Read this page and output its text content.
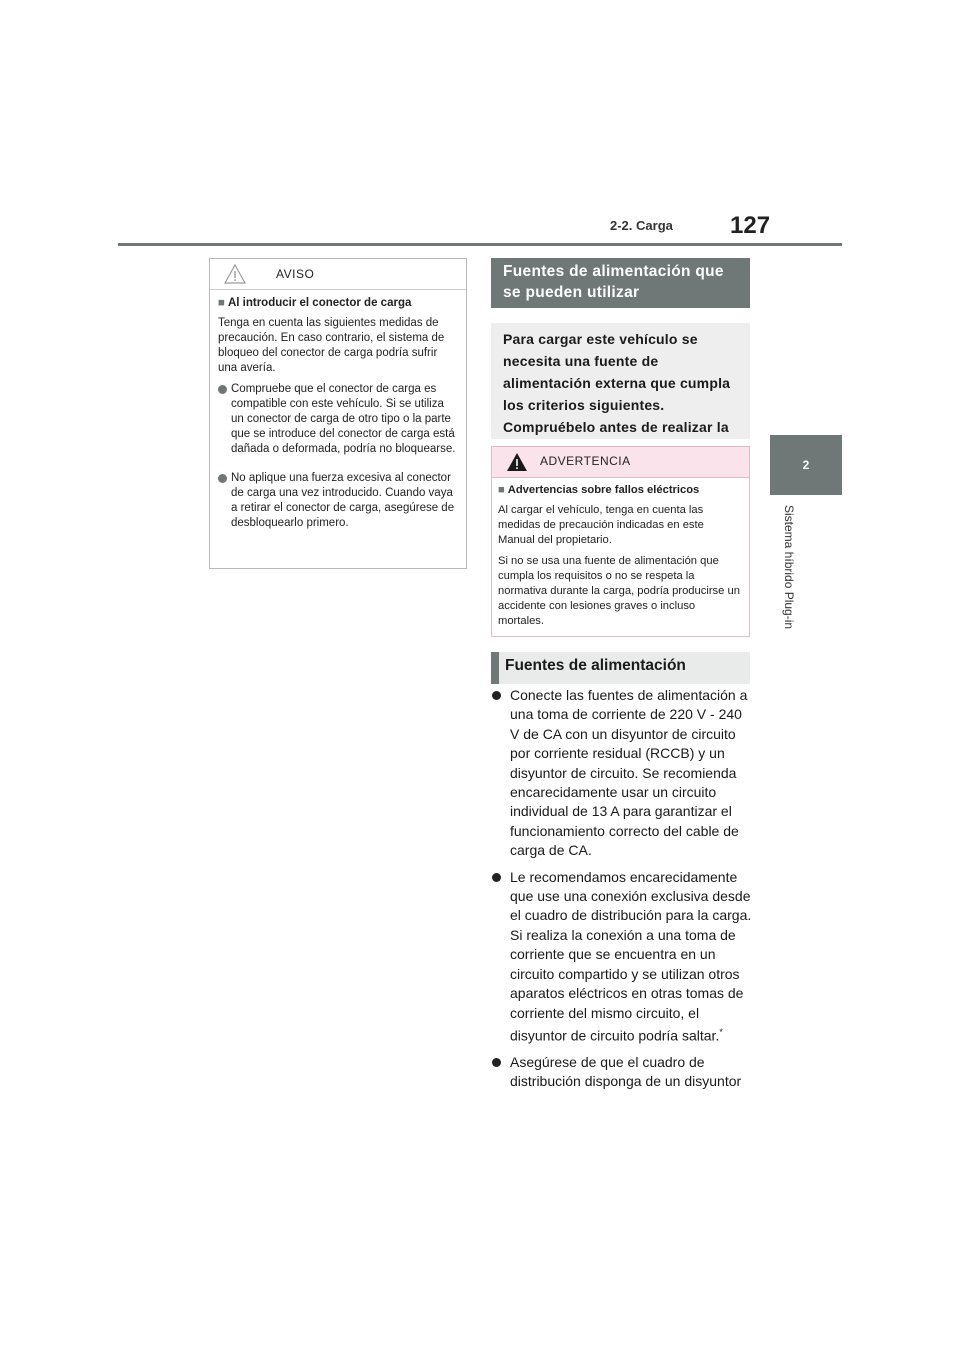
2-2. Carga 127
2
Sistema híbrido Plug-in
AVISO
■ Al introducir el conector de carga

Tenga en cuenta las siguientes medidas de precaución. En caso contrario, el sistema de bloqueo del conector de carga podría sufrir una avería.

Compruebe que el conector de carga es compatible con este vehículo. Si se utiliza un conector de carga de otro tipo o la parte que se introduce del conector de carga está dañada o deformada, podría no bloquearse.
No aplique una fuerza excesiva al conector de carga una vez introducido. Cuando vaya a retirar el conector de carga, asegúrese de desbloquearlo primero.
Fuentes de alimentación que se pueden utilizar
Para cargar este vehículo se necesita una fuente de alimentación externa que cumpla los criterios siguientes. Compruébelo antes de realizar la
ADVERTENCIA
■ Advertencias sobre fallos eléctricos

Al cargar el vehículo, tenga en cuenta las medidas de precaución indicadas en este Manual del propietario.

Si no se usa una fuente de alimentación que cumpla los requisitos o no se respeta la normativa durante la carga, podría producirse un accidente con lesiones graves o incluso mortales.

Fuentes de alimentación
Conecte las fuentes de alimentación a una toma de corriente de 220 V - 240 V de CA con un disyuntor de circuito por corriente residual (RCCB) y un disyuntor de circuito. Se recomienda encarecidamente usar un circuito individual de 13 A para garantizar el funcionamiento correcto del cable de carga de CA.
Le recomendamos encarecidamente que use una conexión exclusiva desde el cuadro de distribución para la carga. Si realiza la conexión a una toma de corriente que se encuentra en un circuito compartido y se utilizan otros aparatos eléctricos en otras tomas de corriente del mismo circuito, el disyuntor de circuito podría saltar.*
Asegúrese de que el cuadro de distribución disponga de un disyuntor
